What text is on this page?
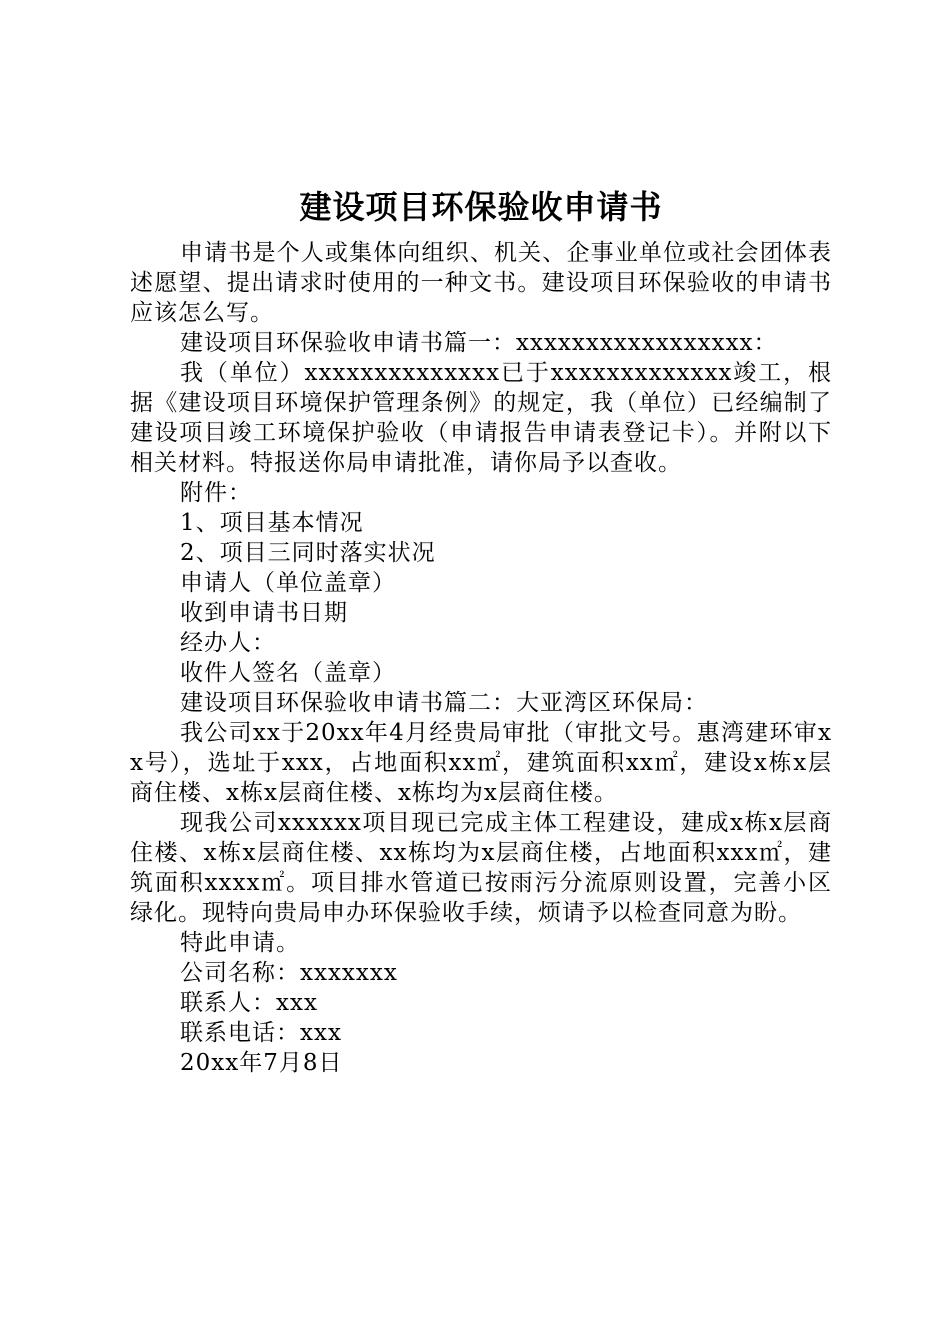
建设项目环保验收申请书

申请书是个人或集体向组织、机关、企事业单位或社会团体表述愿望、提出请求时使用的一种文书。建设项目环保验收的申请书应该怎么写。

建设项目环保验收申请书篇一：xxxxxxxxxxxxxxxxx：

我（单位）xxxxxxxxxxxxxx已于xxxxxxxxxxxxx竣工，根据《建设项目环境保护管理条例》的规定，我（单位）已经编制了建设项目竣工环境保护验收（申请报告申请表登记卡）。并附以下相关材料。特报送你局申请批准，请你局予以查收。

附件：

1、项目基本情况

2、项目三同时落实状况

申请人（单位盖章）

收到申请书日期

经办人：

收件人签名（盖章）

建设项目环保验收申请书篇二：大亚湾区环保局：

我公司xx于20xx年4月经贵局审批（审批文号。惠湾建环审xx号），选址于xxx，占地面积xx㎡，建筑面积xx㎡，建设x栋x层商住楼、x栋x层商住楼、x栋均为x层商住楼。

现我公司xxxxxx项目现已完成主体工程建设，建成x栋x层商住楼、x栋x层商住楼、xx栋均为x层商住楼，占地面积xxx㎡，建筑面积xxxx㎡。项目排水管道已按雨污分流原则设置，完善小区绿化。现特向贵局申办环保验收手续，烦请予以检查同意为盼。

特此申请。

公司名称：xxxxxxx

联系人：xxx

联系电话：xxx

20xx年7月8日
